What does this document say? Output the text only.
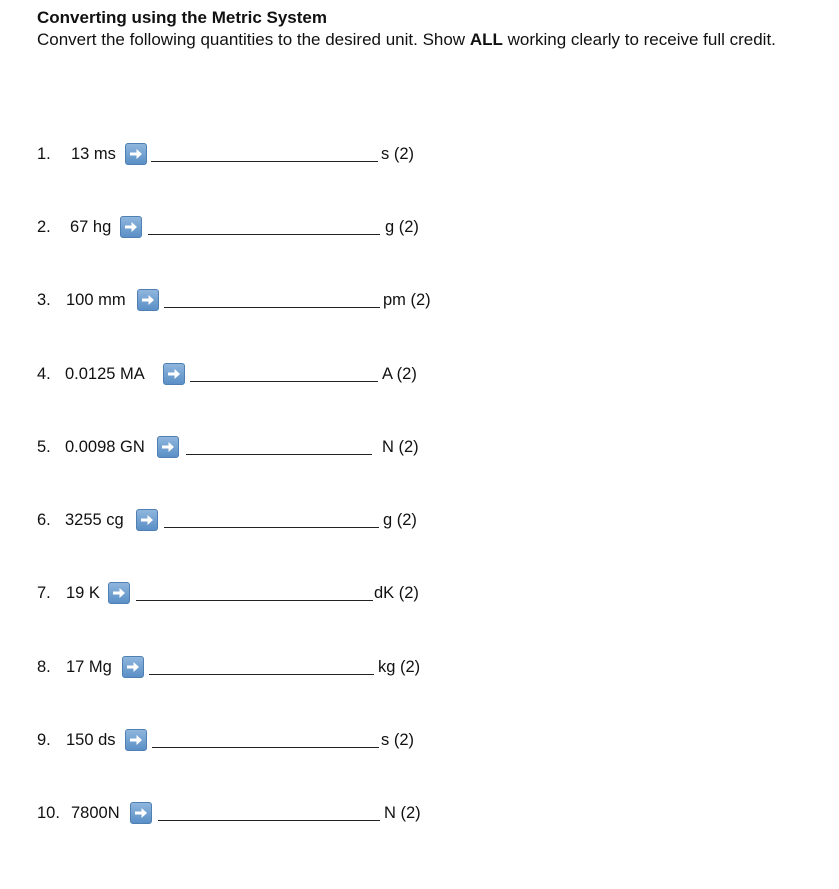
Converting using the Metric System
Convert the following quantities to the desired unit. Show ALL working clearly to receive full credit.
1. 13 ms	s (2)
2. 67 hg	g (2)
3. 100 mm	pm (2)
4. 0.0125 MA	A (2)
5. 0.0098 GN	N (2)
6. 3255 cg	g (2)
7. 19 K	dK (2)
8. 17 Mg	kg (2)
9. 150 ds	s (2)
10. 7800N	N (2)
